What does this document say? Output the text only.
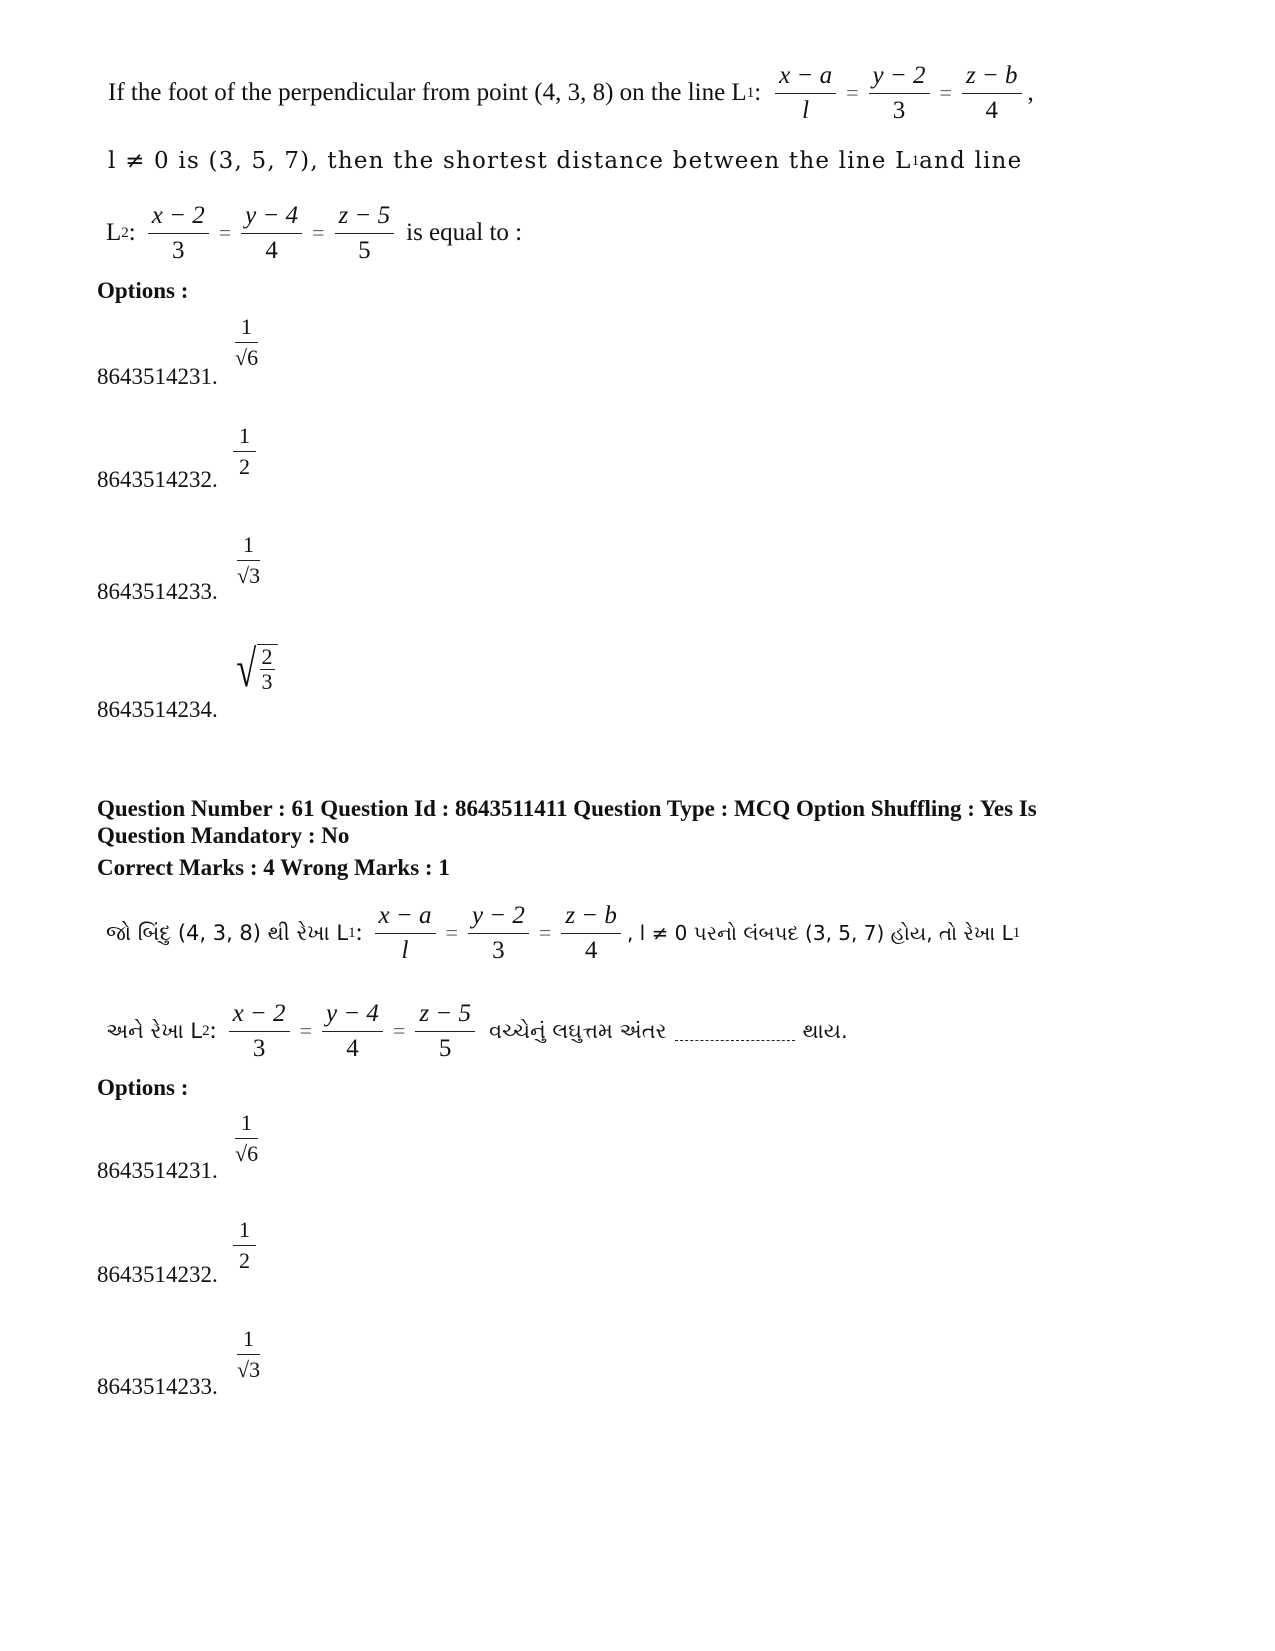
If the foot of the perpendicular from point (4, 3, 8) on the line L 1 : $\frac{x - a}{l} = \frac{y - 2}{3} = \frac{z - b}{4}$ ,
l ≠ 0 is (3, 5, 7), then the shortest distance between the line L 1 and line
L 2 : $\frac{x - 2}{3} = \frac{y - 4}{4} = \frac{z - 5}{5}$ is equal to :
Options :
1
√6
8643514231.
1
2
8643514232.
1
√3
8643514233.
√ 2
3
8643514234.
Question Number : 61 Question Id : 8643511411 Question Type : MCQ Option Shuffling : Yes Is
Question Mandatory : No
Correct Marks : 4 Wrong Marks : 1
જો બિંદુ (4, 3, 8) થી રેખા L 1 : $\frac{x - a}{l} = \frac{y - 2}{3} = \frac{z - b}{4}$ , l ≠ 0 પરનો લંબપદ (3, 5, 7) હોય, તો રેખા L 1
અને રેખા L 2 : $\frac{x - 2}{3} = \frac{y - 4}{4} = \frac{z - 5}{5}$ વચ્ચેનું લઘુત્તમ અંતર	થાય.
Options :
1
√6
8643514231.
1
2
8643514232.
1
√3
8643514233.
